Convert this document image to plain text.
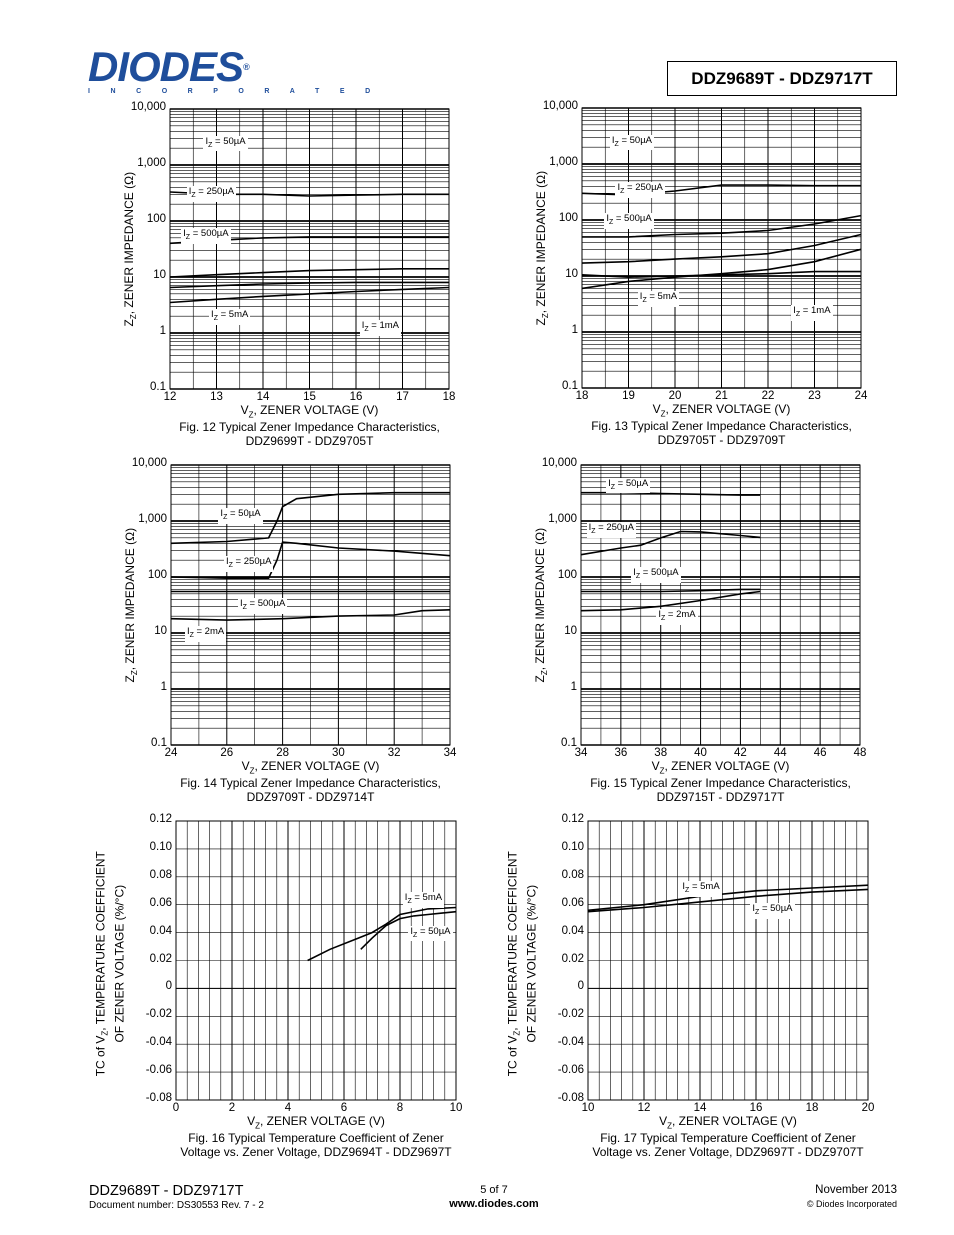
DIODES®
I N C O R P O R A T E D
DDZ9689T - DDZ9717T
12	13	14	15	16	17	18
0.1
1
10
100
1,000
10,000
$I_Z = 50\mu A$
$I_Z = 250\mu A$
$I_Z = 500\mu A$
$I_Z = 5mA$
$I_Z = 1mA$
$V_Z$, ZENER VOLTAGE (V)
Fig. 12 Typical Zener Impedance Characteristics,
DDZ9699T - DDZ9705T
$Z_Z$, ZENER IMPEDANCE (Ω)
18	19	20	21	22	23	24
0.1
1
10
100
1,000
10,000
$I_Z = 50\mu A$
$I_Z = 250\mu A$
$I_Z = 500\mu A$
$I_Z = 5mA$
$I_Z = 1mA$
$V_Z$, ZENER VOLTAGE (V)
Fig. 13 Typical Zener Impedance Characteristics,
DDZ9705T - DDZ9709T
$Z_Z$, ZENER IMPEDANCE (Ω)
24	26	28	30	32	34
0.1
1
10
100
1,000
10,000
$I_Z = 50\mu A$
$I_Z = 250\mu A$
$I_Z = 500\mu A$
$I_Z = 2mA$
$V_Z$, ZENER VOLTAGE (V)
Fig. 14 Typical Zener Impedance Characteristics,
DDZ9709T - DDZ9714T
$Z_Z$, ZENER IMPEDANCE (Ω)
34	36	38	40	42	44	46	48
0.1
1
10
100
1,000
10,000
$I_Z = 50\mu A$
$I_Z = 250\mu A$
$I_Z = 500\mu A$
$I_Z = 2mA$
$V_Z$, ZENER VOLTAGE (V)
Fig. 15 Typical Zener Impedance Characteristics,
DDZ9715T - DDZ9717T
$Z_Z$, ZENER IMPEDANCE (Ω)
0	2	4	6	8	10
-0.08
-0.06
-0.04
-0.02
0
0.02
0.04
0.06
0.08
0.10
0.12
$I_Z = 5mA$
$I_Z = 50\mu A$
$V_Z$, ZENER VOLTAGE (V)
Fig. 16 Typical Temperature Coefficient of Zener
Voltage vs. Zener Voltage, DDZ9694T - DDZ9697T
TC of $V_Z$, TEMPERATURE COEFFICIENT OF ZENER VOLTAGE (%/°C)
10	12	14	16	18	20
-0.08
-0.06
-0.04
-0.02
0
0.02
0.04
0.06
0.08
0.10
0.12
$I_Z = 5mA$
$I_Z = 50\mu A$
$V_Z$, ZENER VOLTAGE (V)
Fig. 17 Typical Temperature Coefficient of Zener
Voltage vs. Zener Voltage, DDZ9697T - DDZ9707T
TC of $V_Z$, TEMPERATURE COEFFICIENT OF ZENER VOLTAGE (%/°C)
DDZ9689T - DDZ9717T
Document number: DS30553 Rev. 7 - 2
5 of 7
www.diodes.com
November 2013
© Diodes Incorporated
